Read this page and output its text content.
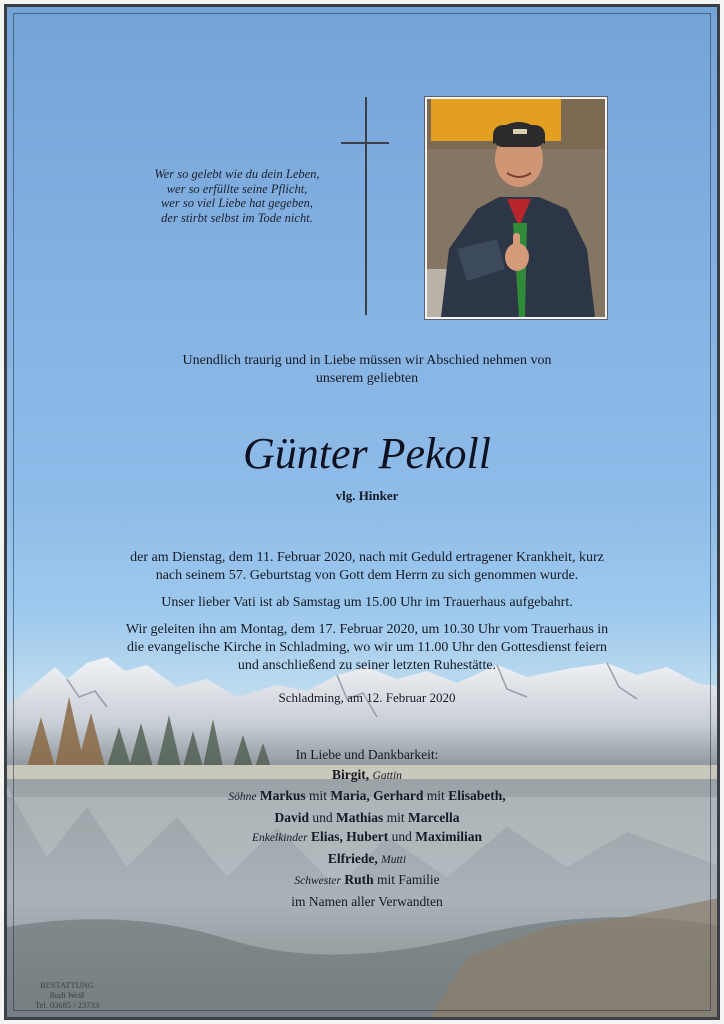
Wer so gelebt wie du dein Leben,
wer so erfüllte seine Pflicht,
wer so viel Liebe hat gegeben,
der stirbt selbst im Tode nicht.
Unendlich traurig und in Liebe müssen wir Abschied nehmen von
unserem geliebten
Günter Pekoll
vlg. Hinker

der am Dienstag, dem 11. Februar 2020, nach mit Geduld ertragener Krankheit, kurz nach seinem 57. Geburtstag von Gott dem Herrn zu sich genommen wurde.

Unser lieber Vati ist ab Samstag um 15.00 Uhr im Trauerhaus aufgebahrt.

Wir geleiten ihn am Montag, dem 17. Februar 2020, um 10.30 Uhr vom Trauerhaus in die evangelische Kirche in Schladming, wo wir um 11.00 Uhr den Gottesdienst feiern und anschließend zu seiner letzten Ruhestätte.

Schladming, am 12. Februar 2020
In Liebe und Dankbarkeit:
Birgit, Gattin
Söhne Markus mit Maria, Gerhard mit Elisabeth,
David und Mathias mit Marcella
Enkelkinder Elias, Hubert und Maximilian
Elfriede, Mutti
Schwester Ruth mit Familie
im Namen aller Verwandten
BESTATTUNG
Rudi Weiß
Tel. 03685 / 23733
